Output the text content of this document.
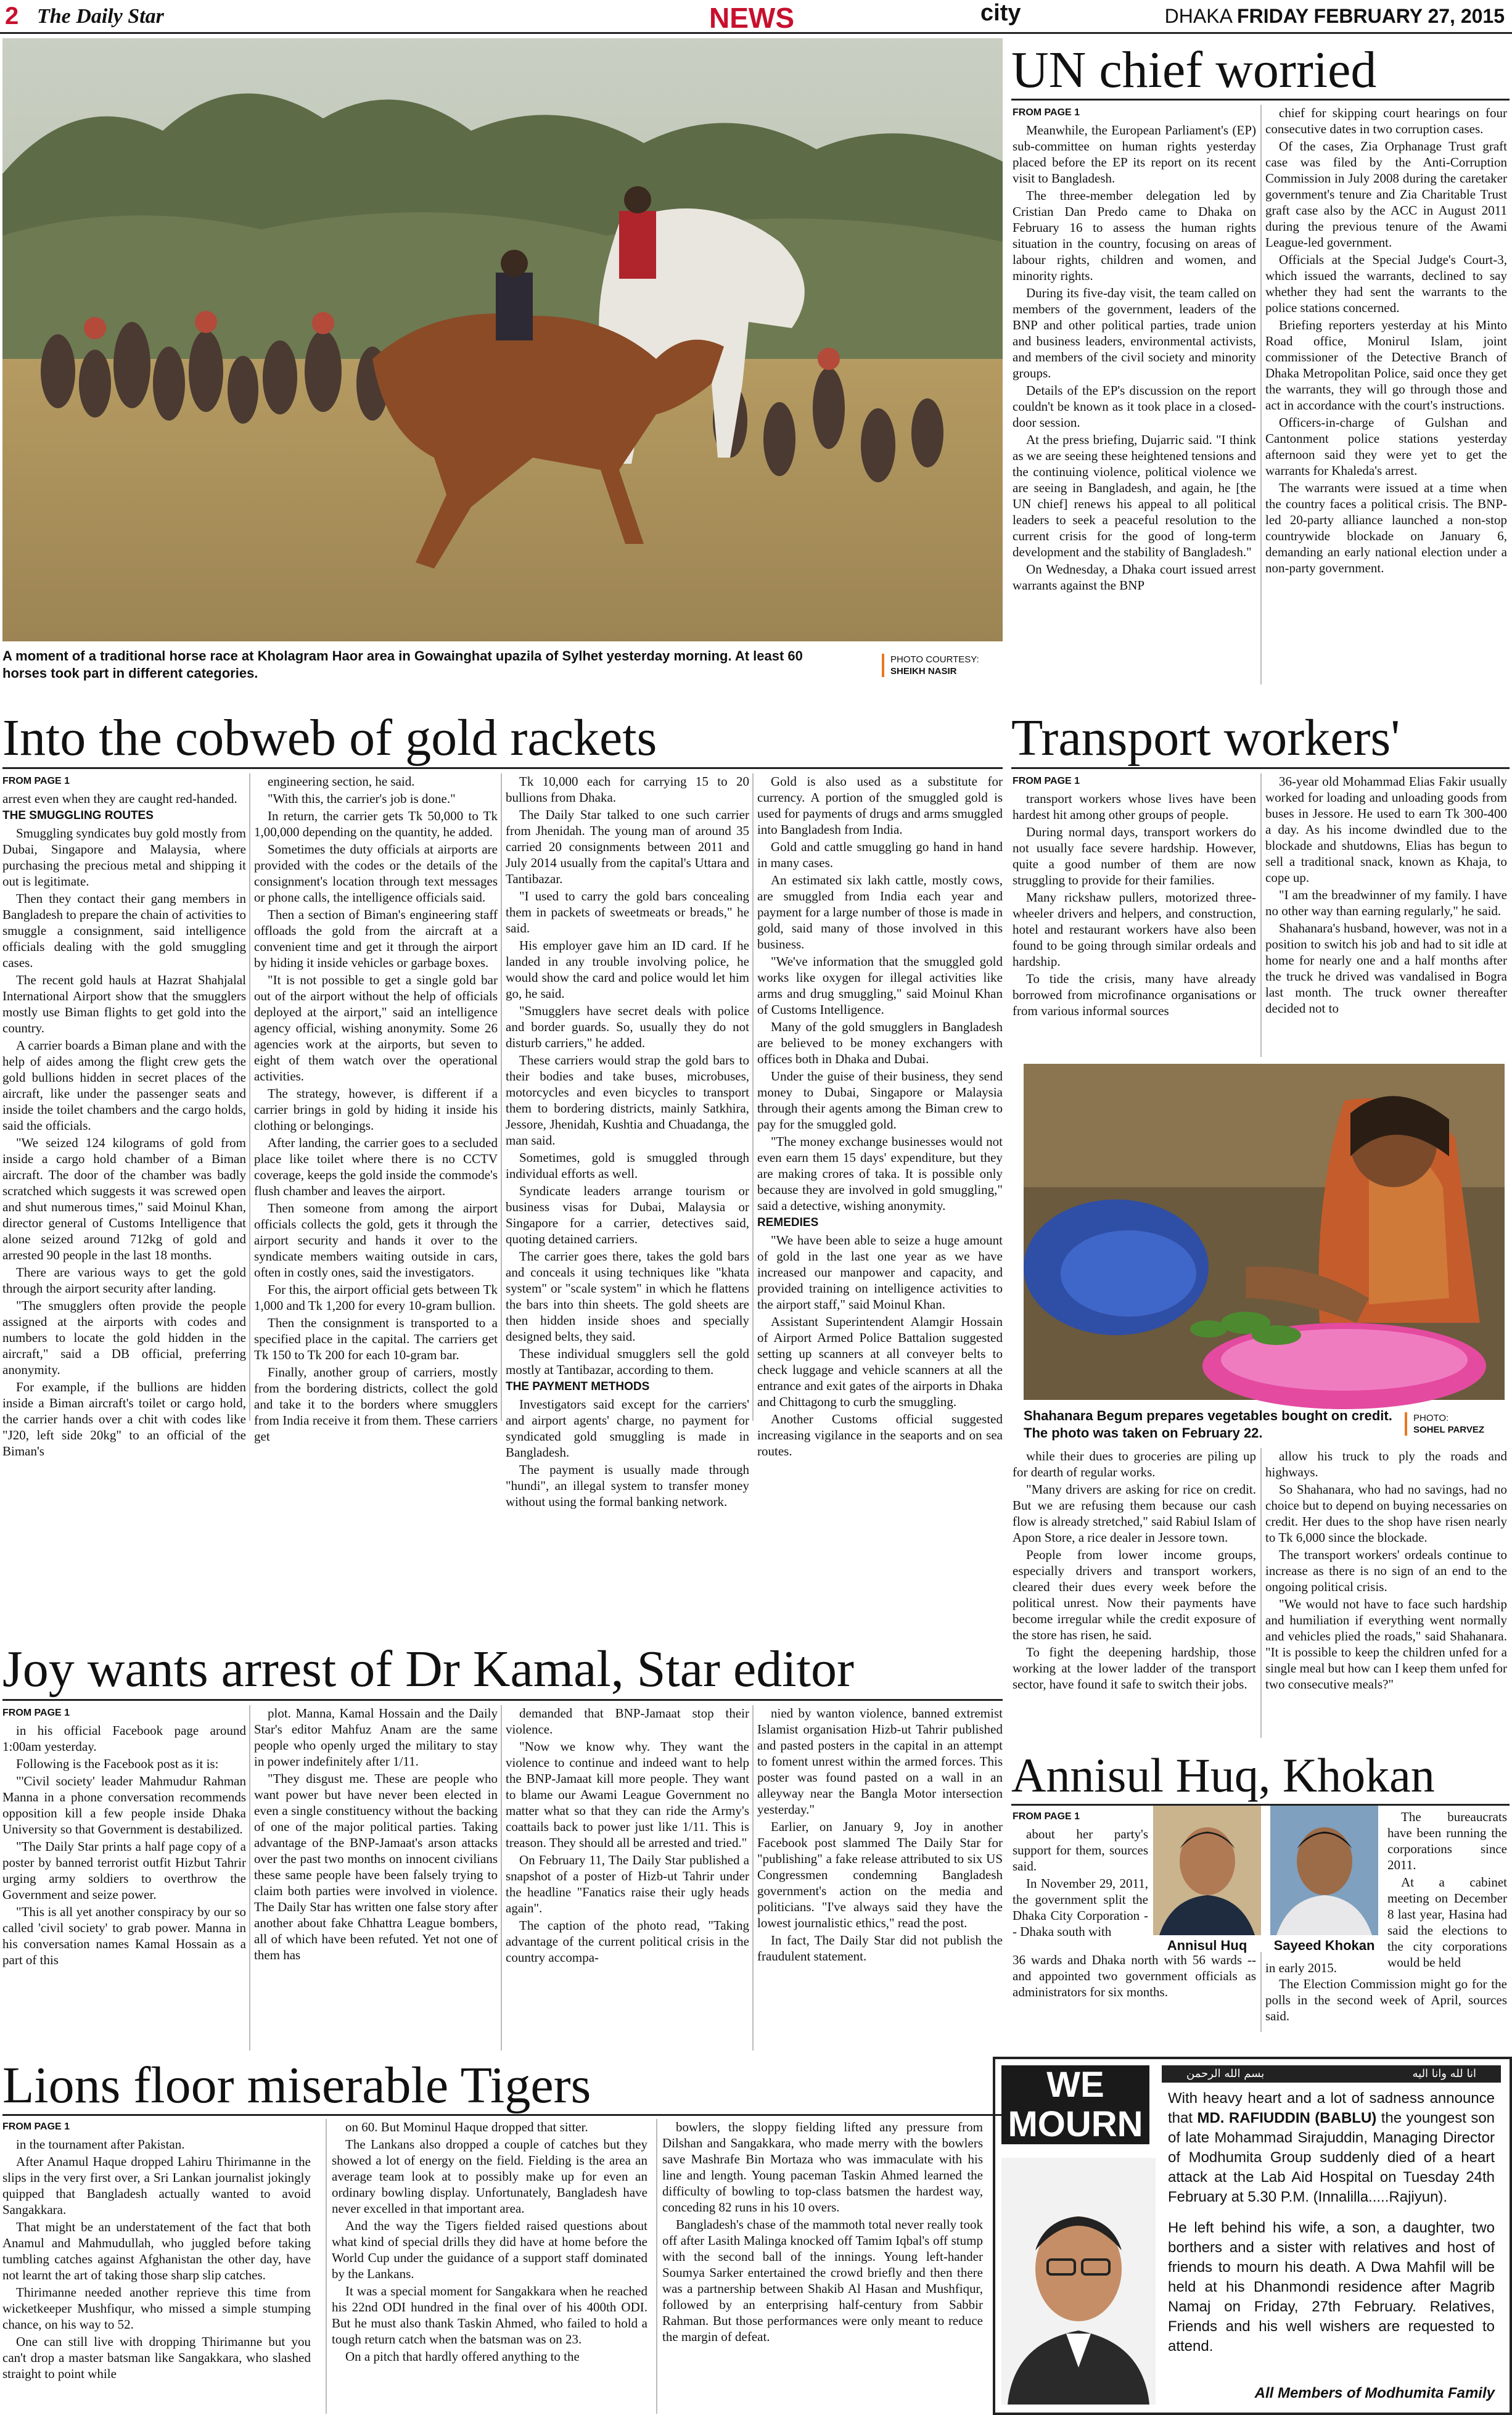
2 The Daily Star	NEWS	city	DHAKA FRIDAY FEBRUARY 27, 2015
A moment of a traditional horse race at Kholagram Haor area in Gowainghat upazila of Sylhet yesterday morning. At least 60 horses took part in different categories.
PHOTO COURTESY:
SHEIKH NASIR
UN chief worried
FROM PAGE 1

Meanwhile, the European Parliament's (EP) sub-committee on human rights yesterday placed before the EP its report on its recent visit to Bangladesh.

The three-member delegation led by Cristian Dan Predo came to Dhaka on February 16 to assess the human rights situation in the country, focusing on areas of labour rights, children and women, and minority rights.

During its five-day visit, the team called on members of the government, leaders of the BNP and other political parties, trade union and business leaders, environmental activists, and members of the civil society and minority groups.

Details of the EP's discussion on the report couldn't be known as it took place in a closed-door session.

At the press briefing, Dujarric said. "I think as we are seeing these heightened tensions and the continuing violence, political violence we are seeing in Bangladesh, and again, he [the UN chief] renews his appeal to all political leaders to seek a peaceful resolution to the current crisis for the good of long-term development and the stability of Bangladesh."

On Wednesday, a Dhaka court issued arrest warrants against the BNP

chief for skipping court hearings on four consecutive dates in two corruption cases.

Of the cases, Zia Orphanage Trust graft case was filed by the Anti-Corruption Commission in July 2008 during the caretaker government's tenure and Zia Charitable Trust graft case also by the ACC in August 2011 during the previous tenure of the Awami League-led government.

Officials at the Special Judge's Court-3, which issued the warrants, declined to say whether they had sent the warrants to the police stations concerned.

Briefing reporters yesterday at his Minto Road office, Monirul Islam, joint commissioner of the Detective Branch of Dhaka Metropolitan Police, said once they get the warrants, they will go through those and act in accordance with the court's instructions.

Officers-in-charge of Gulshan and Cantonment police stations yesterday afternoon said they were yet to get the warrants for Khaleda's arrest.

The warrants were issued at a time when the country faces a political crisis. The BNP-led 20-party alliance launched a non-stop countrywide blockade on January 6, demanding an early national election under a non-party government.

Into the cobweb of gold rackets
FROM PAGE 1
arrest even when they are caught red-handed.
THE SMUGGLING ROUTES

Smuggling syndicates buy gold mostly from Dubai, Singapore and Malaysia, where purchasing the precious metal and shipping it out is legitimate.

Then they contact their gang members in Bangladesh to prepare the chain of activities to smuggle a consignment, said intelligence officials dealing with the gold smuggling cases.

The recent gold hauls at Hazrat Shahjalal International Airport show that the smugglers mostly use Biman flights to get gold into the country.

A carrier boards a Biman plane and with the help of aides among the flight crew gets the gold bullions hidden in secret places of the aircraft, like under the passenger seats and inside the toilet chambers and the cargo holds, said the officials.

"We seized 124 kilograms of gold from inside a cargo hold chamber of a Biman aircraft. The door of the chamber was badly scratched which suggests it was screwed open and shut numerous times," said Moinul Khan, director general of Customs Intelligence that alone seized around 712kg of gold and arrested 90 people in the last 18 months.

There are various ways to get the gold through the airport security after landing.

"The smugglers often provide the people assigned at the airports with codes and numbers to locate the gold hidden in the aircraft," said a DB official, preferring anonymity.

For example, if the bullions are hidden inside a Biman aircraft's toilet or cargo hold, the carrier hands over a chit with codes like "J20, left side 20kg" to an official of the Biman's

engineering section, he said.

"With this, the carrier's job is done."

In return, the carrier gets Tk 50,000 to Tk 1,00,000 depending on the quantity, he added.

Sometimes the duty officials at airports are provided with the codes or the details of the consignment's location through text messages or phone calls, the intelligence officials said.

Then a section of Biman's engineering staff offloads the gold from the aircraft at a convenient time and get it through the airport by hiding it inside vehicles or garbage boxes.

"It is not possible to get a single gold bar out of the airport without the help of officials deployed at the airport," said an intelligence agency official, wishing anonymity. Some 26 agencies work at the airports, but seven to eight of them watch over the operational activities.

The strategy, however, is different if a carrier brings in gold by hiding it inside his clothing or belongings.

After landing, the carrier goes to a secluded place like toilet where there is no CCTV coverage, keeps the gold inside the commode's flush chamber and leaves the airport.

Then someone from among the airport officials collects the gold, gets it through the airport security and hands it over to the syndicate members waiting outside in cars, often in costly ones, said the investigators.

For this, the airport official gets between Tk 1,000 and Tk 1,200 for every 10-gram bullion.

Then the consignment is transported to a specified place in the capital. The carriers get Tk 150 to Tk 200 for each 10-gram bar.

Finally, another group of carriers, mostly from the bordering districts, collect the gold and take it to the borders where smugglers from India receive it from them. These carriers get

Tk 10,000 each for carrying 15 to 20 bullions from Dhaka.

The Daily Star talked to one such carrier from Jhenidah. The young man of around 35 carried 20 consignments between 2011 and July 2014 usually from the capital's Uttara and Tantibazar.

"I used to carry the gold bars concealing them in packets of sweetmeats or breads," he said.

His employer gave him an ID card. If he landed in any trouble involving police, he would show the card and police would let him go, he said.

"Smugglers have secret deals with police and border guards. So, usually they do not disturb carriers," he added.

These carriers would strap the gold bars to their bodies and take buses, microbuses, motorcycles and even bicycles to transport them to bordering districts, mainly Satkhira, Jessore, Jhenidah, Kushtia and Chuadanga, the man said.

Sometimes, gold is smuggled through individual efforts as well.

Syndicate leaders arrange tourism or business visas for Dubai, Malaysia or Singapore for a carrier, detectives said, quoting detained carriers.

The carrier goes there, takes the gold bars and conceals it using techniques like "khata system" or "scale system" in which he flattens the bars into thin sheets. The gold sheets are then hidden inside shoes and specially designed belts, they said.

These individual smugglers sell the gold mostly at Tantibazar, according to them.

THE PAYMENT METHODS

Investigators said except for the carriers' and airport agents' charge, no payment for syndicated gold smuggling is made in Bangladesh.

The payment is usually made through "hundi", an illegal system to transfer money without using the formal banking network.

Gold is also used as a substitute for currency. A portion of the smuggled gold is used for payments of drugs and arms smuggled into Bangladesh from India.

Gold and cattle smuggling go hand in hand in many cases.

An estimated six lakh cattle, mostly cows, are smuggled from India each year and payment for a large number of those is made in gold, said many of those involved in this business.

"We've information that the smuggled gold works like oxygen for illegal activities like arms and drug smuggling," said Moinul Khan of Customs Intelligence.

Many of the gold smugglers in Bangladesh are believed to be money exchangers with offices both in Dhaka and Dubai.

Under the guise of their business, they send money to Dubai, Singapore or Malaysia through their agents among the Biman crew to pay for the smuggled gold.

"The money exchange businesses would not even earn them 15 days' expenditure, but they are making crores of taka. It is possible only because they are involved in gold smuggling," said a detective, wishing anonymity.

REMEDIES

"We have been able to seize a huge amount of gold in the last one year as we have increased our manpower and capacity, and provided training on intelligence activities to the airport staff," said Moinul Khan.

Assistant Superintendent Alamgir Hossain of Airport Armed Police Battalion suggested setting up scanners at all conveyer belts to check luggage and vehicle scanners at all the entrance and exit gates of the airports in Dhaka and Chittagong to curb the smuggling.

Another Customs official suggested increasing vigilance in the seaports and on sea routes.

Transport workers'
FROM PAGE 1

transport workers whose lives have been hardest hit among other groups of people.

During normal days, transport workers do not usually face severe hardship. However, quite a good number of them are now struggling to provide for their families.

Many rickshaw pullers, motorized three-wheeler drivers and helpers, and construction, hotel and restaurant workers have also been found to be going through similar ordeals and hardship.

To tide the crisis, many have already borrowed from microfinance organisations or from various informal sources

36-year old Mohammad Elias Fakir usually worked for loading and unloading goods from buses in Jessore. He used to earn Tk 300-400 a day. As his income dwindled due to the blockade and shutdowns, Elias has begun to sell a traditional snack, known as Khaja, to cope up.

"I am the breadwinner of my family. I have no other way than earning regularly," he said.

Shahanara's husband, however, was not in a position to switch his job and had to sit idle at home for nearly one and a half months after the truck he drived was vandalised in Bogra last month. The truck owner thereafter decided not to

Shahanara Begum prepares vegetables bought on credit. The photo was taken on February 22.
PHOTO:
SOHEL PARVEZ

while their dues to groceries are piling up for dearth of regular works.

"Many drivers are asking for rice on credit. But we are refusing them because our cash flow is already stretched," said Rabiul Islam of Apon Store, a rice dealer in Jessore town.

People from lower income groups, especially drivers and transport workers, cleared their dues every week before the political unrest. Now their payments have become irregular while the credit exposure of the store has risen, he said.

To fight the deepening hardship, those working at the lower ladder of the transport sector, have found it safe to switch their jobs.

allow his truck to ply the roads and highways.

So Shahanara, who had no savings, had no choice but to depend on buying necessaries on credit. Her dues to the shop have risen nearly to Tk 6,000 since the blockade.

The transport workers' ordeals continue to increase as there is no sign of an end to the ongoing political crisis.

"We would not have to face such hardship and humiliation if everything went normally and vehicles plied the roads," said Shahanara. "It is possible to keep the children unfed for a single meal but how can I keep them unfed for two consecutive meals?"

Joy wants arrest of Dr Kamal, Star editor
FROM PAGE 1

in his official Facebook page around 1:00am yesterday.

Following is the Facebook post as it is:

"'Civil society' leader Mahmudur Rahman Manna in a phone conversation recommends opposition kill a few people inside Dhaka University so that Government is destabilized.

"The Daily Star prints a half page copy of a poster by banned terrorist outfit Hizbut Tahrir urging army soldiers to overthrow the Government and seize power.

"This is all yet another conspiracy by our so called 'civil society' to grab power. Manna in his conversation names Kamal Hossain as a part of this

plot. Manna, Kamal Hossain and the Daily Star's editor Mahfuz Anam are the same people who openly urged the military to stay in power indefinitely after 1/11.

"They disgust me. These are people who want power but have never been elected in even a single constituency without the backing of one of the major political parties. Taking advantage of the BNP-Jamaat's arson attacks over the past two months on innocent civilians these same people have been falsely trying to claim both parties were involved in violence. The Daily Star has written one false story after another about fake Chhattra League bombers, all of which have been refuted. Yet not one of them has

demanded that BNP-Jamaat stop their violence.

"Now we know why. They want the violence to continue and indeed want to help the BNP-Jamaat kill more people. They want to blame our Awami League Government no matter what so that they can ride the Army's coattails back to power just like 1/11. This is treason. They should all be arrested and tried."

On February 11, The Daily Star published a snapshot of a poster of Hizb-ut Tahrir under the headline "Fanatics raise their ugly heads again".

The caption of the photo read, "Taking advantage of the current political crisis in the country accompa-

nied by wanton violence, banned extremist Islamist organisation Hizb-ut Tahrir published and pasted posters in the capital in an attempt to foment unrest within the armed forces. This poster was found pasted on a wall in an alleyway near the Bangla Motor intersection yesterday."

Earlier, on January 9, Joy in another Facebook post slammed The Daily Star for "publishing" a fake release attributed to six US Congressmen condemning Bangladesh government's action on the media and politicians. "I've always said they have the lowest journalistic ethics," read the post.

In fact, The Daily Star did not publish the fraudulent statement.

Annisul Huq, Khokan
FROM PAGE 1

about her party's support for them, sources said.

In November 29, 2011, the government split the Dhaka City Corporation -- Dhaka south with

Annisul Huq	Sayeed Khokan

The bureaucrats have been running the corporations since 2011.

At a cabinet meeting on December 8 last year, Hasina had said the elections to the city corporations would be held

36 wards and Dhaka north with 56 wards -- and appointed two government officials as administrators for six months.
in early 2015.

The Election Commission might go for the polls in the second week of April, sources said.

Lions floor miserable Tigers
FROM PAGE 1

in the tournament after Pakistan.

After Anamul Haque dropped Lahiru Thirimanne in the slips in the very first over, a Sri Lankan journalist jokingly quipped that Bangladesh actually wanted to avoid Sangakkara.

That might be an understatement of the fact that both Anamul and Mahmudullah, who juggled before taking tumbling catches against Afghanistan the other day, have not learnt the art of taking those sharp slip catches.

Thirimanne needed another reprieve this time from wicketkeeper Mushfiqur, who missed a simple stumping chance, on his way to 52.

One can still live with dropping Thirimanne but you can't drop a master batsman like Sangakkara, who slashed straight to point while

on 60. But Mominul Haque dropped that sitter.

The Lankans also dropped a couple of catches but they showed a lot of energy on the field. Fielding is the area an average team look at to possibly make up for even an ordinary bowling display. Unfortunately, Bangladesh have never excelled in that important area.

And the way the Tigers fielded raised questions about what kind of special drills they did have at home before the World Cup under the guidance of a support staff dominated by the Lankans.

It was a special moment for Sangakkara when he reached his 22nd ODI hundred in the final over of his 400th ODI. But he must also thank Taskin Ahmed, who failed to hold a tough return catch when the batsman was on 23.

On a pitch that hardly offered anything to the

bowlers, the sloppy fielding lifted any pressure from Dilshan and Sangakkara, who made merry with the bowlers save Mashrafe Bin Mortaza who was immaculate with his line and length. Young paceman Taskin Ahmed learned the difficulty of bowling to top-class batsmen the hardest way, conceding 82 runs in his 10 overs.

Bangladesh's chase of the mammoth total never really took off after Lasith Malinga knocked off Tamim Iqbal's off stump with the second ball of the innings. Young left-hander Soumya Sarker entertained the crowd briefly and then there was a partnership between Shakib Al Hasan and Mushfiqur, followed by an enterprising half-century from Sabbir Rahman. But those performances were only meant to reduce the margin of defeat.

WE
MOURN
بسم الله الرحمن	انا لله وانا اليه
With heavy heart and a lot of sadness announce that MD. RAFIUDDIN (BABLU) the youngest son of late Mohammad Sirajuddin, Managing Director of Modhumita Group suddenly died of a heart attack at the Lab Aid Hospital on Tuesday 24th February at 5.30 P.M. (Innalilla.....Rajiyun).
He left behind his wife, a son, a daughter, two borthers and a sister with relatives and host of friends to mourn his death. A Dwa Mahfil will be held at his Dhanmondi residence after Magrib Namaj on Friday, 27th February. Relatives, Friends and his well wishers are requested to attend.
All Members of Modhumita Family
